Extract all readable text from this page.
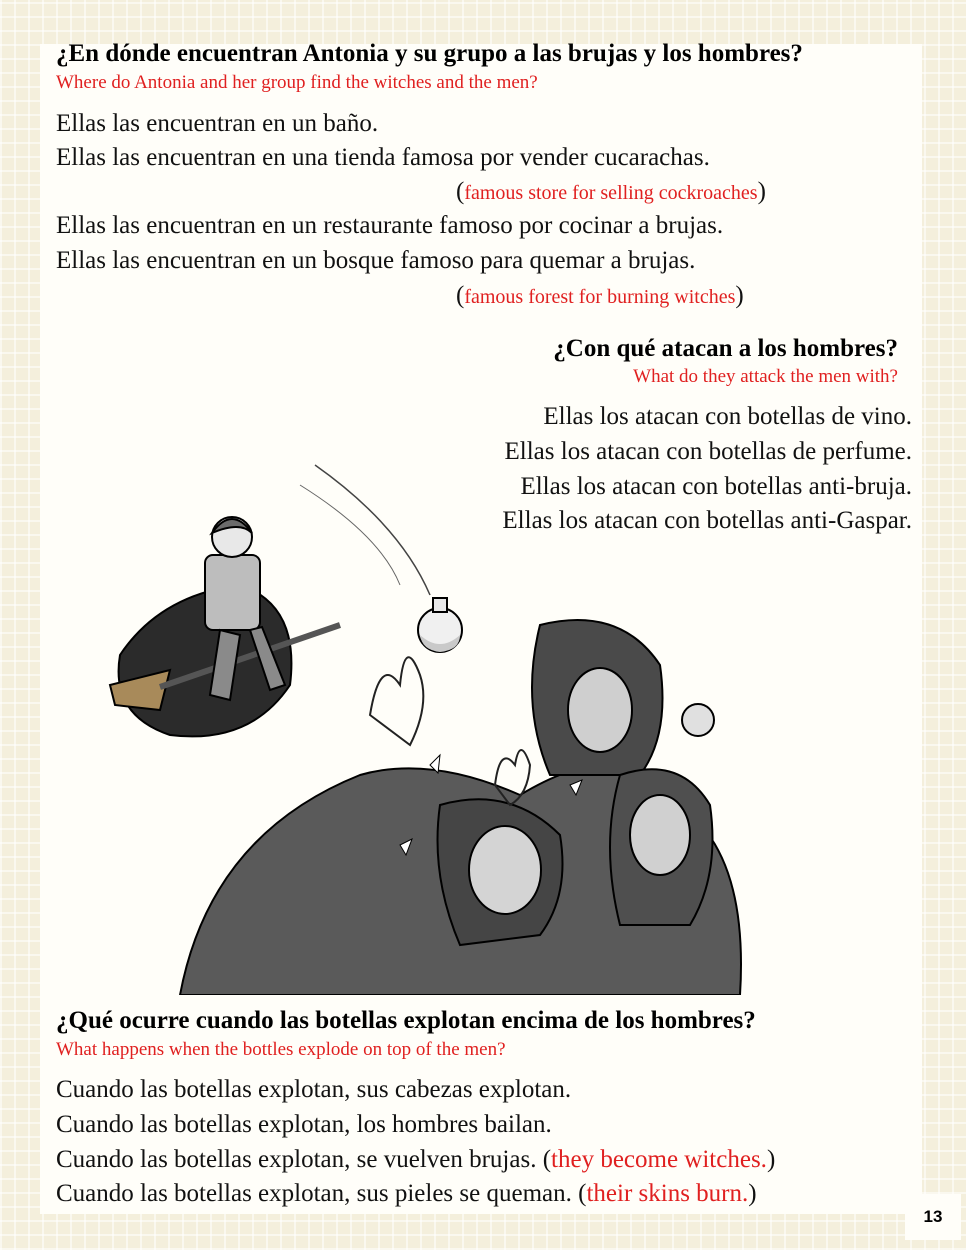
¿En dónde encuentran Antonia y su grupo a las brujas y los hombres?
Where do Antonia and her group find the witches and the men?
Ellas las encuentran en un baño.
Ellas las encuentran en una tienda famosa por vender cucarachas.
(famous store for selling cockroaches)
Ellas las encuentran en un restaurante famoso por cocinar a brujas.
Ellas las encuentran en un bosque famoso para quemar a brujas.
(famous forest for burning witches)
¿Con qué atacan a los hombres?
What do they attack the men with?
Ellas los atacan con botellas de vino.
Ellas los atacan con botellas de perfume.
Ellas los atacan con botellas anti-bruja.
Ellas los atacan con botellas anti-Gaspar.
¿Qué ocurre cuando las botellas explotan encima de los hombres?
What happens when the bottles explode on top of the men?
Cuando las botellas explotan, sus cabezas explotan.
Cuando las botellas explotan, los hombres bailan.
Cuando las botellas explotan, se vuelven brujas. (they become witches.)
Cuando las botellas explotan, sus pieles se queman. (their skins burn.)
13
